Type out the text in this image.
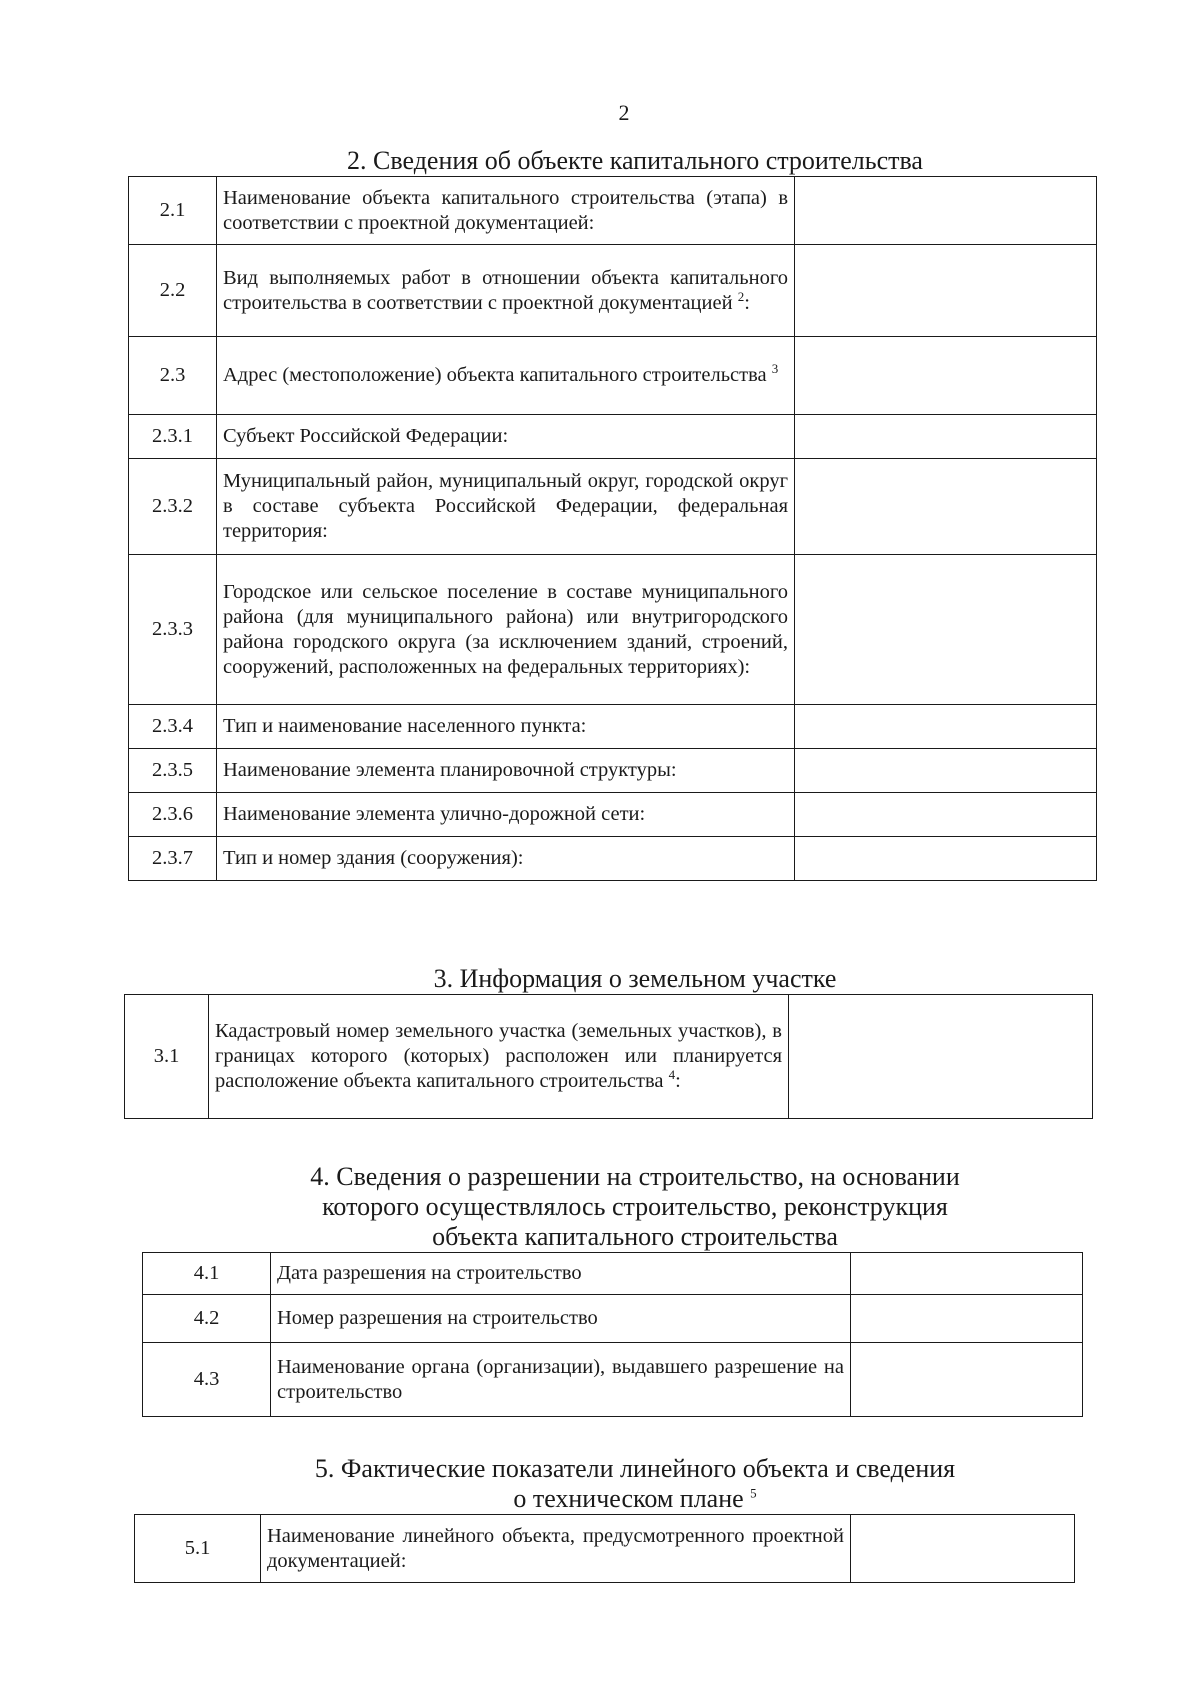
2
2. Сведения об объекте капитального строительства
2.1	Наименование объекта капитального строительства (этапа) в соответствии с проектной документацией:	
2.2	Вид выполняемых работ в отношении объекта капитального строительства в соответствии с проектной документацией $^2$:	
2.3	Адрес (местоположение) объекта капитального строительства $^3$	
2.3.1	Субъект Российской Федерации:	
2.3.2	Муниципальный район, муниципальный округ, городской округ в составе субъекта Российской Федерации, федеральная территория:	
2.3.3	Городское или сельское поселение в составе муниципального района (для муниципального района) или внутригородского района городского округа (за исключением зданий, строений, сооружений, расположенных на федеральных территориях):	
2.3.4	Тип и наименование населенного пункта:	
2.3.5	Наименование элемента планировочной структуры:	
2.3.6	Наименование элемента улично-дорожной сети:	
2.3.7	Тип и номер здания (сооружения):	
3. Информация о земельном участке
3.1	Кадастровый номер земельного участка (земельных участков), в границах которого (которых) расположен или планируется расположение объекта капитального строительства $^4$:	
4. Сведения о разрешении на строительство, на основании
которого осуществлялось строительство, реконструкция
объекта капитального строительства
4.1	Дата разрешения на строительство	
4.2	Номер разрешения на строительство	
4.3	Наименование органа (организации), выдавшего разрешение на строительство	
5. Фактические показатели линейного объекта и сведения
о техническом плане $^5$
5.1	Наименование линейного объекта, предусмотренного проектной документацией:	
